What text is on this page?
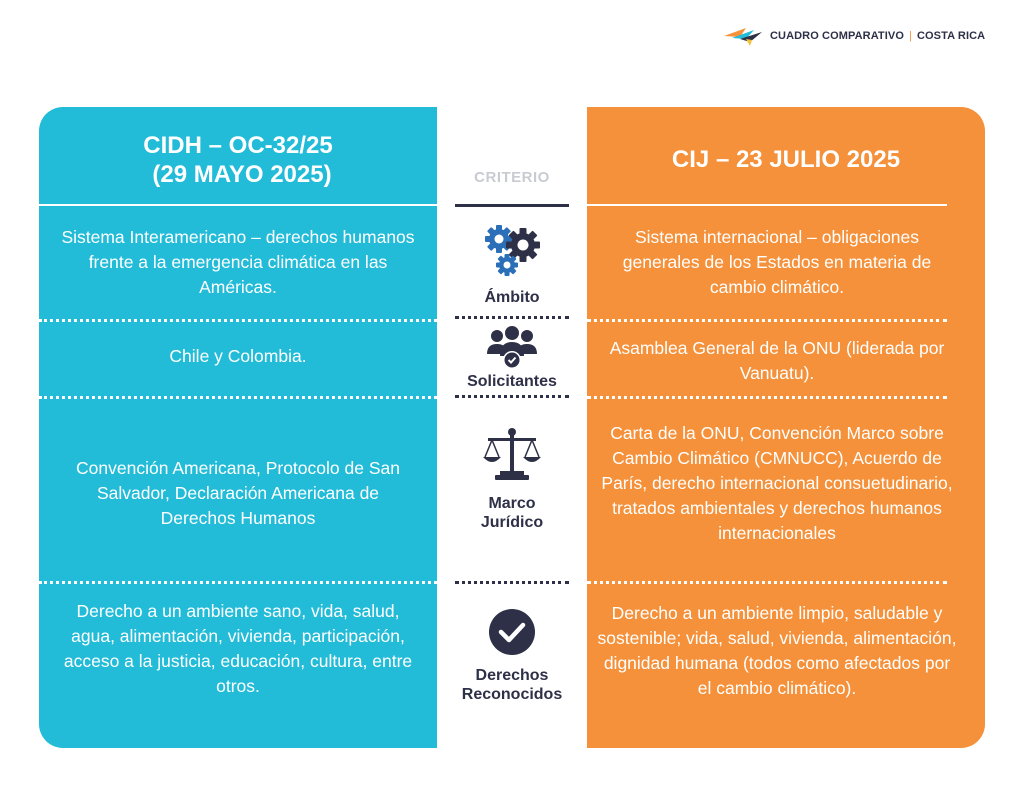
CUADRO COMPARATIVO | COSTA RICA
CIDH – OC-32/25
(29 MAYO 2025)
Sistema Interamericano – derechos humanos frente a la emergencia climática en las Américas.
Chile y Colombia.
Convención Americana, Protocolo de San Salvador, Declaración Americana de Derechos Humanos
Derecho a un ambiente sano, vida, salud, agua, alimentación, vivienda, participación, acceso a la justicia, educación, cultura, entre otros.
CRITERIO
Ámbito
Solicitantes
Marco
Jurídico
Derechos
Reconocidos
CIJ – 23 JULIO 2025
Sistema internacional – obligaciones generales de los Estados en materia de cambio climático.
Asamblea General de la ONU (liderada por Vanuatu).
Carta de la ONU, Convención Marco sobre Cambio Climático (CMNUCC), Acuerdo de París, derecho internacional consuetudinario, tratados ambientales y derechos humanos internacionales
Derecho a un ambiente limpio, saludable y sostenible; vida, salud, vivienda, alimentación, dignidad humana (todos como afectados por el cambio climático).
